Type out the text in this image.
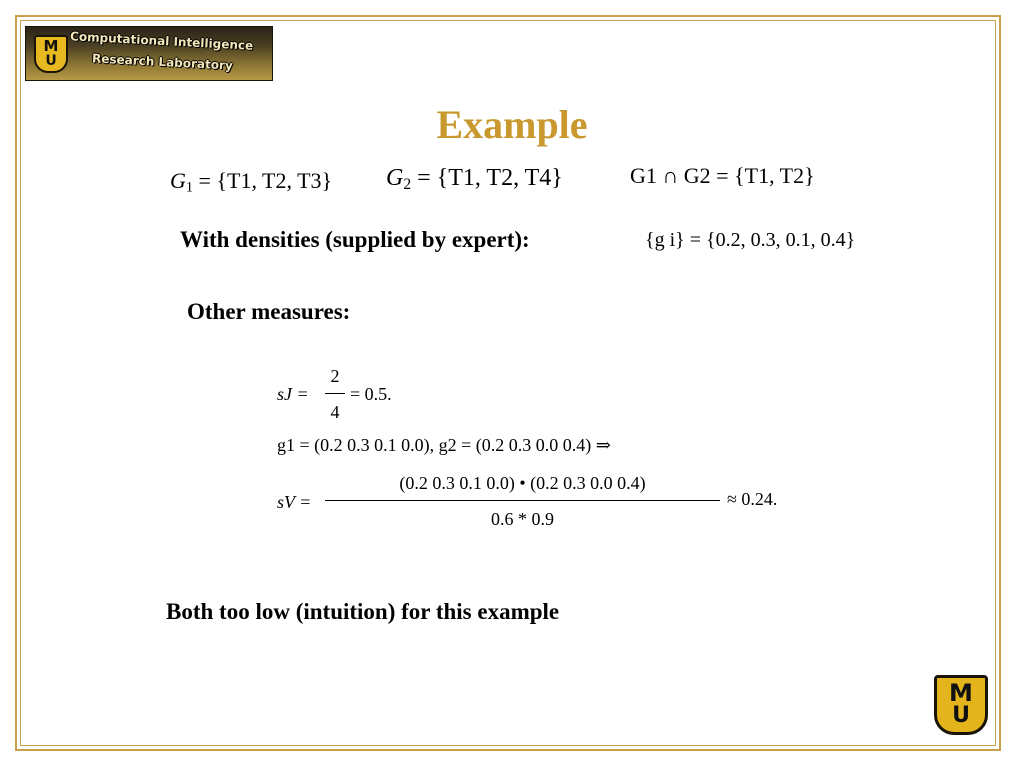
M
U
Computational Intelligence
Research Laboratory
Example
$G_1 = \{T1$, T2, T3} $G_2 = \{T1$, T2, T4}	G1 ∩ G2 = {T1, T2}
With densities (supplied by expert):	{g i} = {0.2, 0.3, 0.1, 0.4}
Other measures:
sJ =
2
4
= 0.5.
g1 = (0.2 0.3 0.1 0.0), g2 = (0.2 0.3 0.0 0.4) ⇒
sV =
(0.2 0.3 0.1 0.0) • (0.2 0.3 0.0 0.4)
0.6 * 0.9
≈ 0.24.
Both too low (intuition) for this example
M
U
